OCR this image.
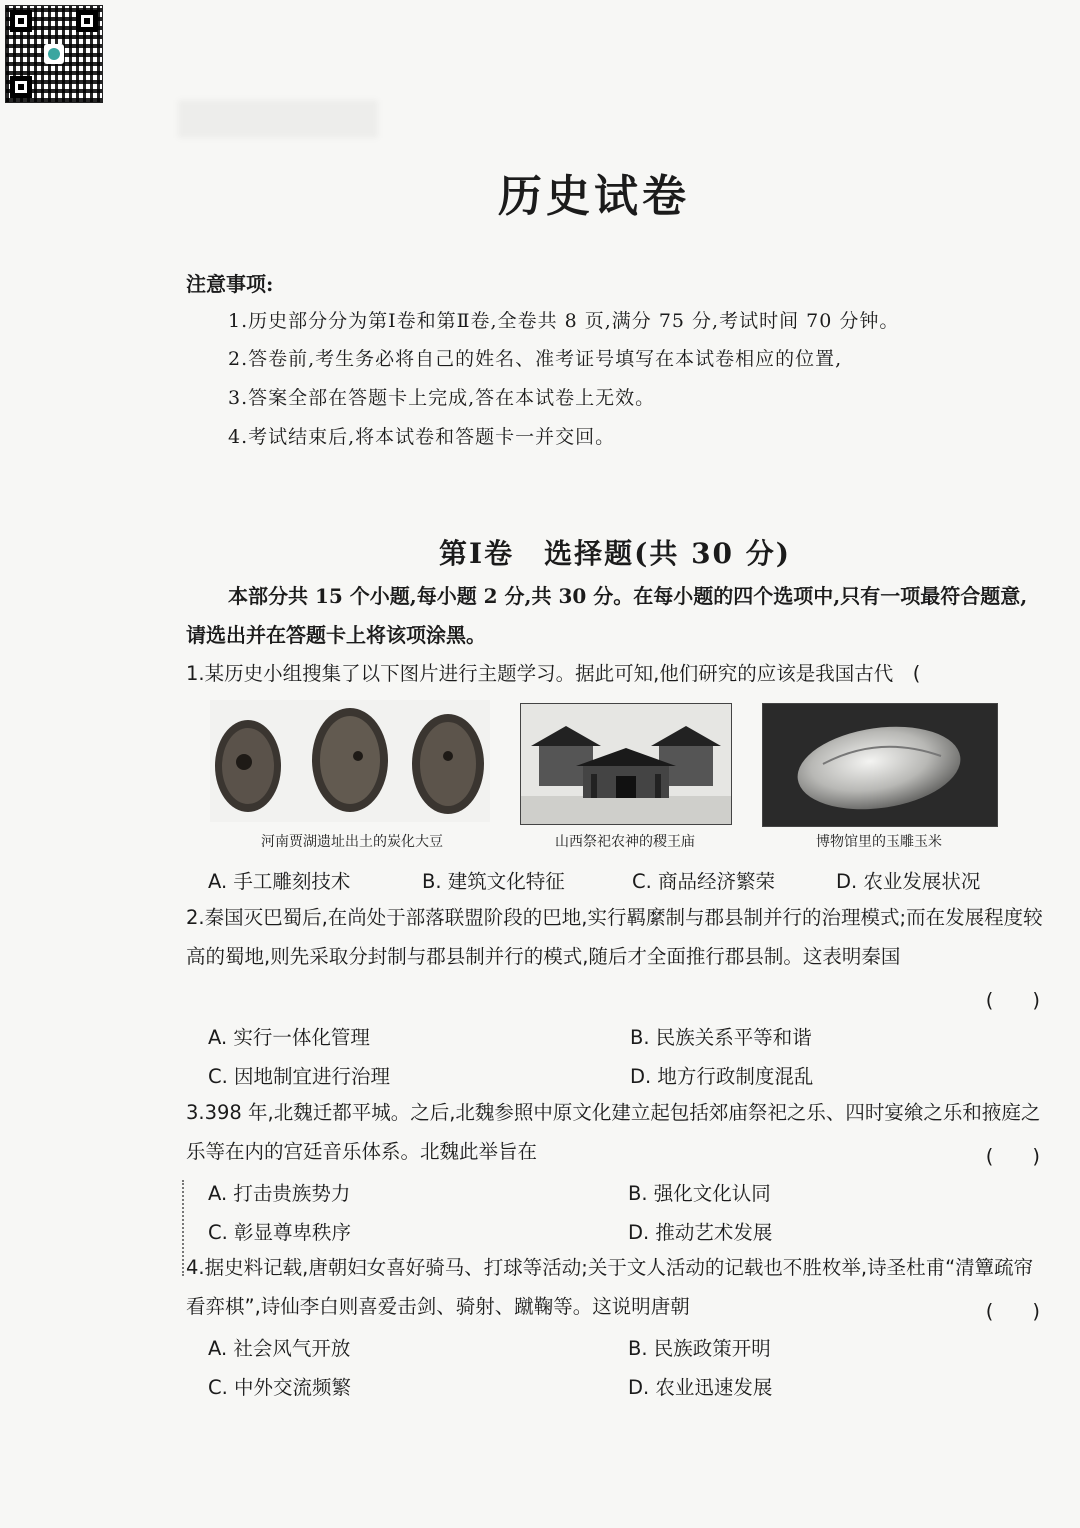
历史试卷
注意事项:
1.历史部分分为第Ⅰ卷和第Ⅱ卷,全卷共 8 页,满分 75 分,考试时间 70 分钟。
2.答卷前,考生务必将自己的姓名、准考证号填写在本试卷相应的位置,
3.答案全部在答题卡上完成,答在本试卷上无效。
4.考试结束后,将本试卷和答题卡一并交回。
第Ⅰ卷　选择题(共 30 分)
本部分共 15 个小题,每小题 2 分,共 30 分。在每小题的四个选项中,只有一项最符合题意,请选出并在答题卡上将该项涂黑。
1.某历史小组搜集了以下图片进行主题学习。据此可知,他们研究的应该是我国古代　(
河南贾湖遗址出土的炭化大豆	山西祭祀农神的稷王庙	博物馆里的玉雕玉米
A. 手工雕刻技术	B. 建筑文化特征	C. 商品经济繁荣	D. 农业发展状况
2.秦国灭巴蜀后,在尚处于部落联盟阶段的巴地,实行羁縻制与郡县制并行的治理模式;而在发展程度较高的蜀地,则先采取分封制与郡县制并行的模式,随后才全面推行郡县制。这表明秦国
(　　)
A. 实行一体化管理	B. 民族关系平等和谐
C. 因地制宜进行治理	D. 地方行政制度混乱
3.398 年,北魏迁都平城。之后,北魏参照中原文化建立起包括郊庙祭祀之乐、四时宴飨之乐和掖庭之乐等在内的宫廷音乐体系。北魏此举旨在	(　　)
A. 打击贵族势力	B. 强化文化认同
C. 彰显尊卑秩序	D. 推动艺术发展
4.据史料记载,唐朝妇女喜好骑马、打球等活动;关于文人活动的记载也不胜枚举,诗圣杜甫“清簟疏帘看弈棋”,诗仙李白则喜爱击剑、骑射、蹴鞠等。这说明唐朝	(　　)
A. 社会风气开放	B. 民族政策开明
C. 中外交流频繁	D. 农业迅速发展
